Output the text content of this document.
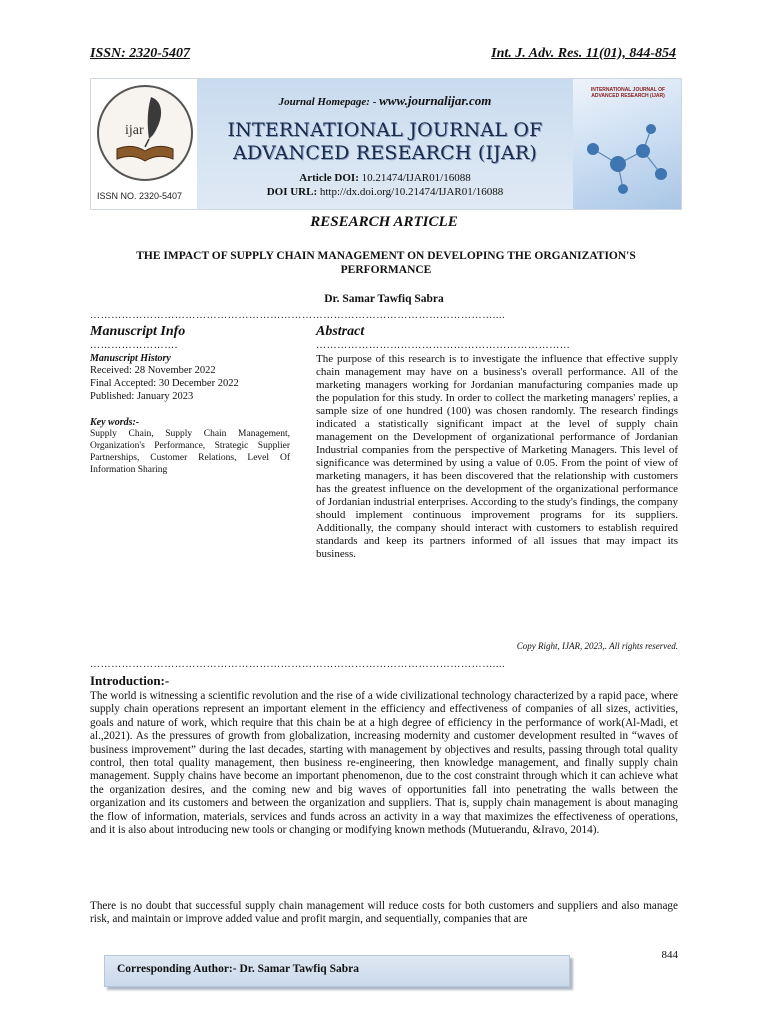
ISSN: 2320-5407	Int. J. Adv. Res. 11(01), 844-854
ijar
ISSN NO. 2320-5407
Journal Homepage: - www.journalijar.com
INTERNATIONAL JOURNAL OF
ADVANCED RESEARCH (IJAR)
Article DOI: 10.21474/IJAR01/16088
DOI URL: http://dx.doi.org/10.21474/IJAR01/16088
INTERNATIONAL JOURNAL OF ADVANCED RESEARCH (IJAR)
RESEARCH ARTICLE
THE IMPACT OF SUPPLY CHAIN MANAGEMENT ON DEVELOPING THE ORGANIZATION'S PERFORMANCE
Dr. Samar Tawfiq Sabra
……………………………………………………………………………………………………....
Manuscript Info
…………………….
Manuscript History
Received: 28 November 2022
Final Accepted: 30 December 2022
Published: January 2023
Key words:-
Supply Chain, Supply Chain Management, Organization's Performance, Strategic Supplier Partnerships, Customer Relations, Level Of Information Sharing
Abstract
………………………………………………………………
The purpose of this research is to investigate the influence that effective supply chain management may have on a business's overall performance. All of the marketing managers working for Jordanian manufacturing companies made up the population for this study. In order to collect the marketing managers' replies, a sample size of one hundred (100) was chosen randomly. The research findings indicated a statistically significant impact at the level of supply chain management on the Development of organizational performance of Jordanian Industrial companies from the perspective of Marketing Managers. This level of significance was determined by using a value of 0.05. From the point of view of marketing managers, it has been discovered that the relationship with customers has the greatest influence on the development of the organizational performance of Jordanian industrial enterprises. According to the study's findings, the company should implement continuous improvement programs for its suppliers. Additionally, the company should interact with customers to establish required standards and keep its partners informed of all issues that may impact its business.
Copy Right, IJAR, 2023,. All rights reserved.
……………………………………………………………………………………………………....
Introduction:-
The world is witnessing a scientific revolution and the rise of a wide civilizational technology characterized by a rapid pace, where supply chain operations represent an important element in the efficiency and effectiveness of companies of all sizes, activities, goals and nature of work, which require that this chain be at a high degree of efficiency in the performance of work(Al-Madi, et al.,2021). As the pressures of growth from globalization, increasing modernity and customer development resulted in “waves of business improvement” during the last decades, starting with management by objectives and results, passing through total quality control, then total quality management, then business re-engineering, then knowledge management, and finally supply chain management. Supply chains have become an important phenomenon, due to the cost constraint through which it can achieve what the organization desires, and the coming new and big waves of opportunities fall into penetrating the walls between the organization and its customers and between the organization and suppliers. That is, supply chain management is about managing the flow of information, materials, services and funds across an activity in a way that maximizes the effectiveness of operations, and it is also about introducing new tools or changing or modifying known methods (Mutuerandu, &Iravo, 2014).
There is no doubt that successful supply chain management will reduce costs for both customers and suppliers and also manage risk, and maintain or improve added value and profit margin, and sequentially, companies that are
844
Corresponding Author:- Dr. Samar Tawfiq Sabra
